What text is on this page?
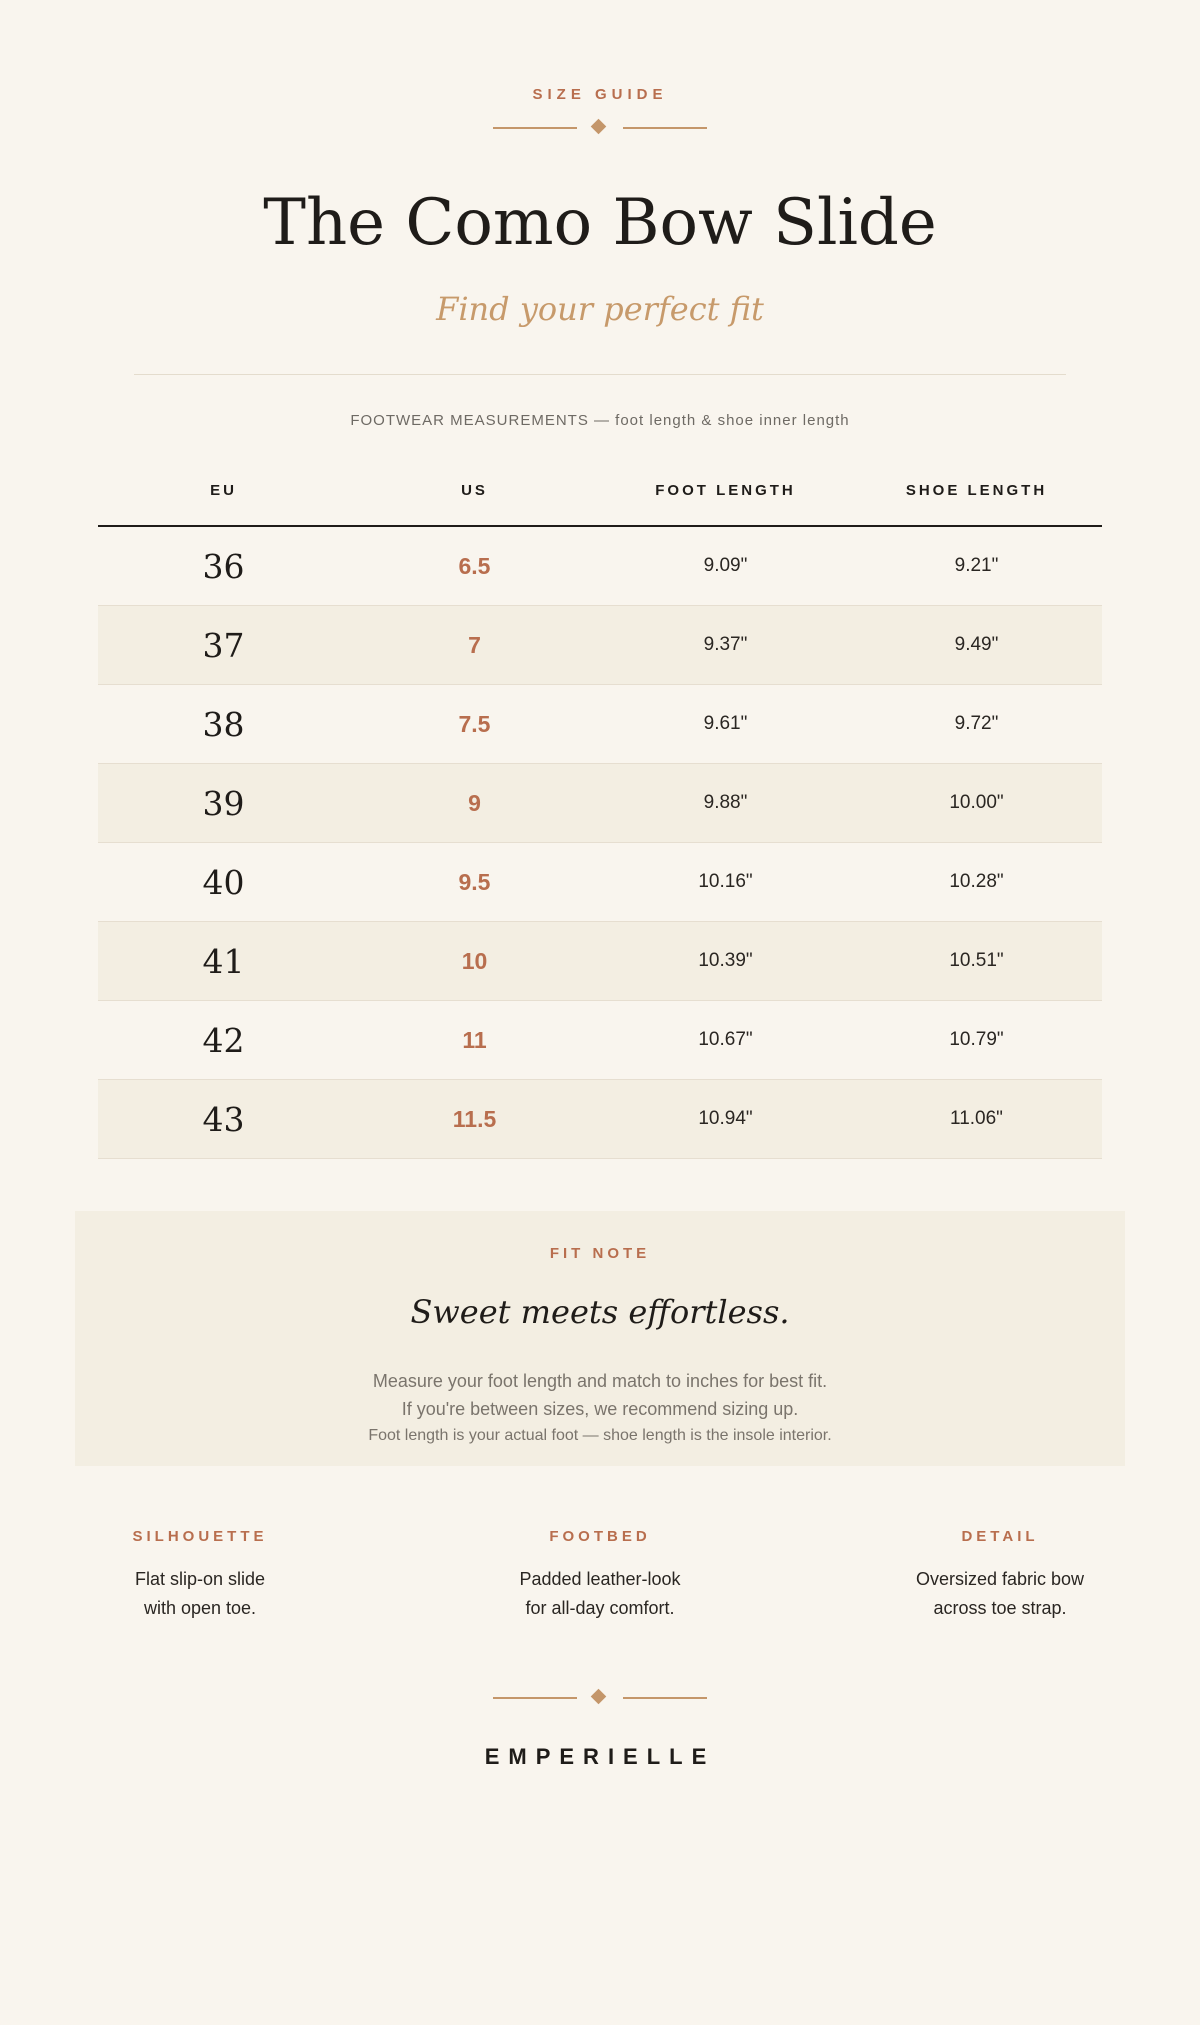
SIZE GUIDE
The Como Bow Slide
Find your perfect fit
FOOTWEAR MEASUREMENTS — foot length & shoe inner length
EU	US	FOOT LENGTH	SHOE LENGTH
36	6.5	9.09"	9.21"
37	7	9.37"	9.49"
38	7.5	9.61"	9.72"
39	9	9.88"	10.00"
40	9.5	10.16"	10.28"
41	10	10.39"	10.51"
42	11	10.67"	10.79"
43	11.5	10.94"	11.06"
FIT NOTE
Sweet meets effortless.
Measure your foot length and match to inches for best fit.
If you're between sizes, we recommend sizing up.
Foot length is your actual foot — shoe length is the insole interior.
SILHOUETTE
Flat slip-on slide
with open toe.
FOOTBED
Padded leather-look
for all-day comfort.
DETAIL
Oversized fabric bow
across toe strap.
EMPERIELLE
